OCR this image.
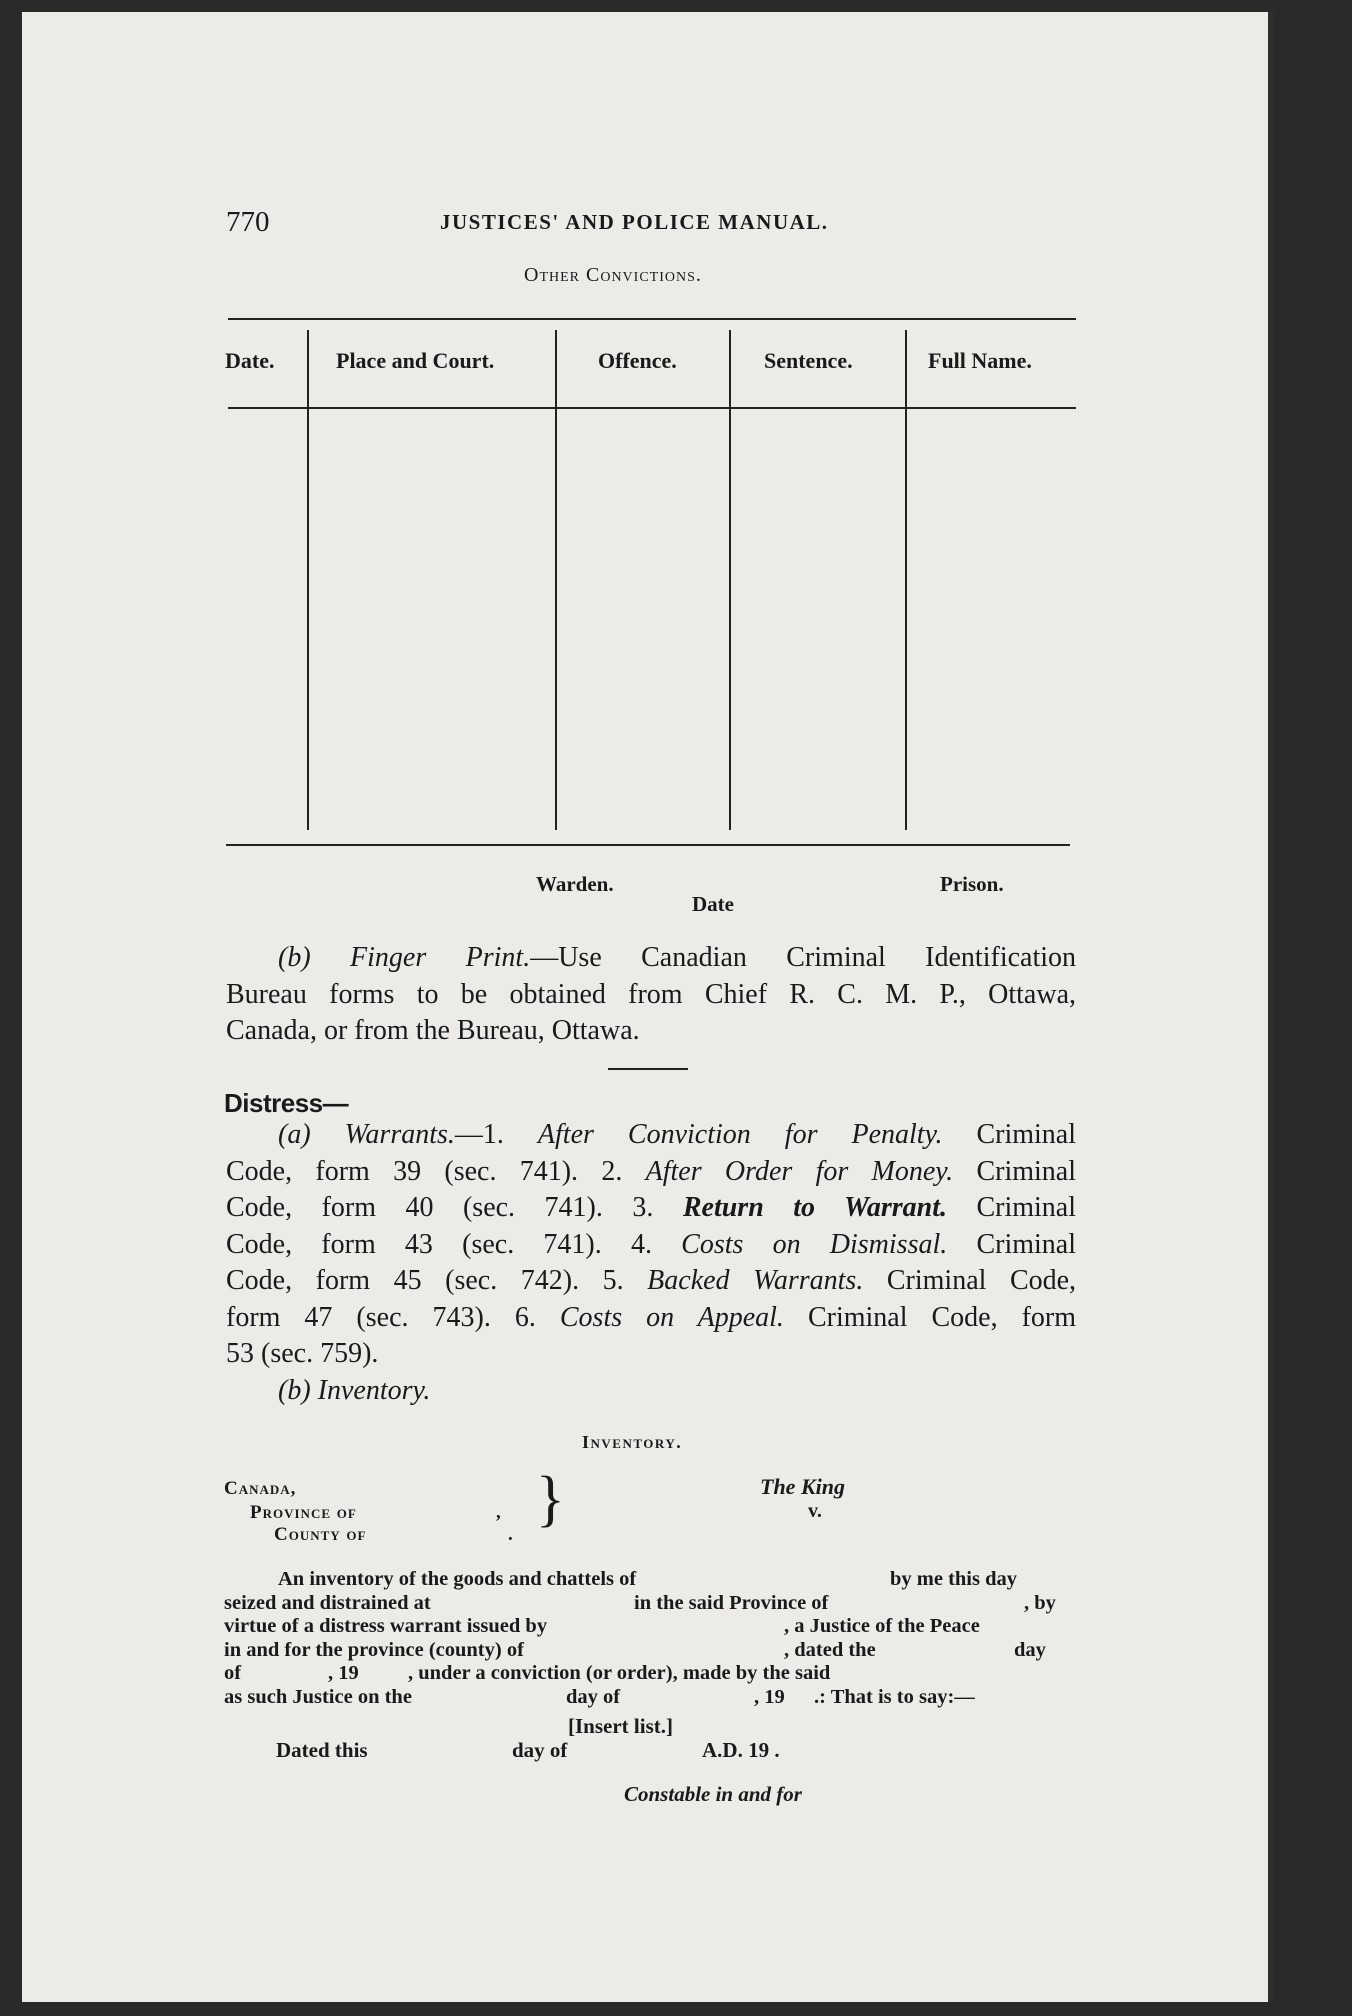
770	JUSTICES' AND POLICE MANUAL.
Other Convictions.
Date.	Place and Court.	Offence.	Sentence.	Full Name.
Warden.	Prison.
Date
(b) Finger Print.—Use Canadian Criminal Identification
Bureau forms to be obtained from Chief R. C. M. P., Ottawa,
Canada, or from the Bureau, Ottawa.
Distress—
(a) Warrants.—1. After Conviction for Penalty. Criminal
Code, form 39 (sec. 741). 2. After Order for Money. Criminal
Code, form 40 (sec. 741). 3. Return to Warrant. Criminal
Code, form 43 (sec. 741). 4. Costs on Dismissal. Criminal
Code, form 45 (sec. 742). 5. Backed Warrants. Criminal Code,
form 47 (sec. 743). 6. Costs on Appeal. Criminal Code, form
53 (sec. 759).
(b) Inventory.
Inventory.
Canada,
Province of
County of
,
.
}	The King
v.
An inventory of the goods and chattels of	by me this day
seized and distrained at	in the said Province of	, by
virtue of a distress warrant issued by	, a Justice of the Peace
in and for the province (county) of	, dated the	day
of	, 19 , under a conviction (or order), made by the said
as such Justice on the	day of	, 19 .: That is to say:—
[Insert list.]
Dated this	day of	A.D. 19 .
Constable in and for
